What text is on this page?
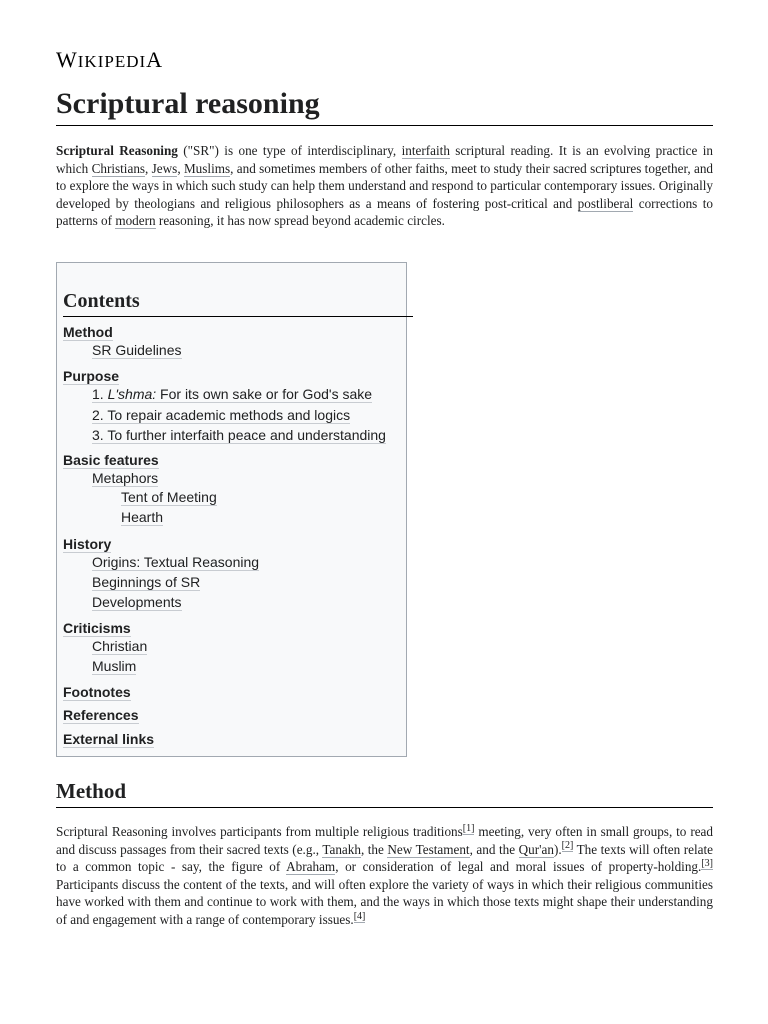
WIKIPEDIA
Scriptural reasoning

Scriptural Reasoning ("SR") is one type of interdisciplinary, interfaith scriptural reading. It is an evolving practice in which Christians, Jews, Muslims, and sometimes members of other faiths, meet to study their sacred scriptures together, and to explore the ways in which such study can help them understand and respond to particular contemporary issues. Originally developed by theologians and religious philosophers as a means of fostering post-critical and postliberal corrections to patterns of modern reasoning, it has now spread beyond academic circles.

Contents
Method
SR Guidelines
Purpose
1. L'shma: For its own sake or for God's sake
2. To repair academic methods and logics
3. To further interfaith peace and understanding
Basic features
Metaphors
Tent of Meeting
Hearth
History
Origins: Textual Reasoning
Beginnings of SR
Developments
Criticisms
Christian
Muslim
Footnotes
References
External links
Method

Scriptural Reasoning involves participants from multiple religious traditions[1] meeting, very often in small groups, to read and discuss passages from their sacred texts (e.g., Tanakh, the New Testament, and the Qur'an).[2] The texts will often relate to a common topic - say, the figure of Abraham, or consideration of legal and moral issues of property-holding.[3] Participants discuss the content of the texts, and will often explore the variety of ways in which their religious communities have worked with them and continue to work with them, and the ways in which those texts might shape their understanding of and engagement with a range of contemporary issues.[4]
